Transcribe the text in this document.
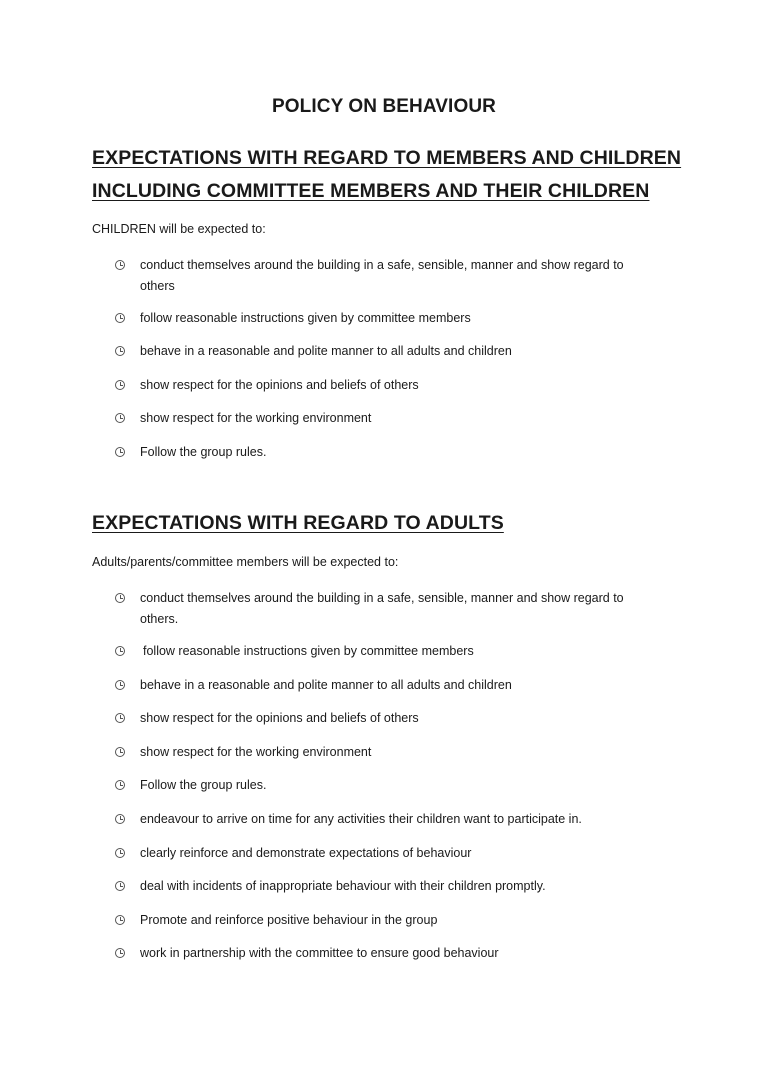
POLICY ON BEHAVIOUR
EXPECTATIONS WITH REGARD TO MEMBERS AND CHILDREN
INCLUDING COMMITTEE MEMBERS AND THEIR CHILDREN
CHILDREN will be expected to:
conduct themselves around the building in a safe, sensible, manner and show regard to others
follow reasonable instructions given by committee members
behave in a reasonable and polite manner to all adults and children
show respect for the opinions and beliefs of others
show respect for the working environment
Follow the group rules.
EXPECTATIONS WITH REGARD TO ADULTS
Adults/parents/committee members will be expected to:
conduct themselves around the building in a safe, sensible, manner and show regard to others.
follow reasonable instructions given by committee members
behave in a reasonable and polite manner to all adults and children
show respect for the opinions and beliefs of others
show respect for the working environment
Follow the group rules.
endeavour to arrive on time for any activities their children want to participate in.
clearly reinforce and demonstrate expectations of behaviour
deal with incidents of inappropriate behaviour with their children promptly.
Promote and reinforce positive behaviour in the group
work in partnership with the committee to ensure good behaviour
